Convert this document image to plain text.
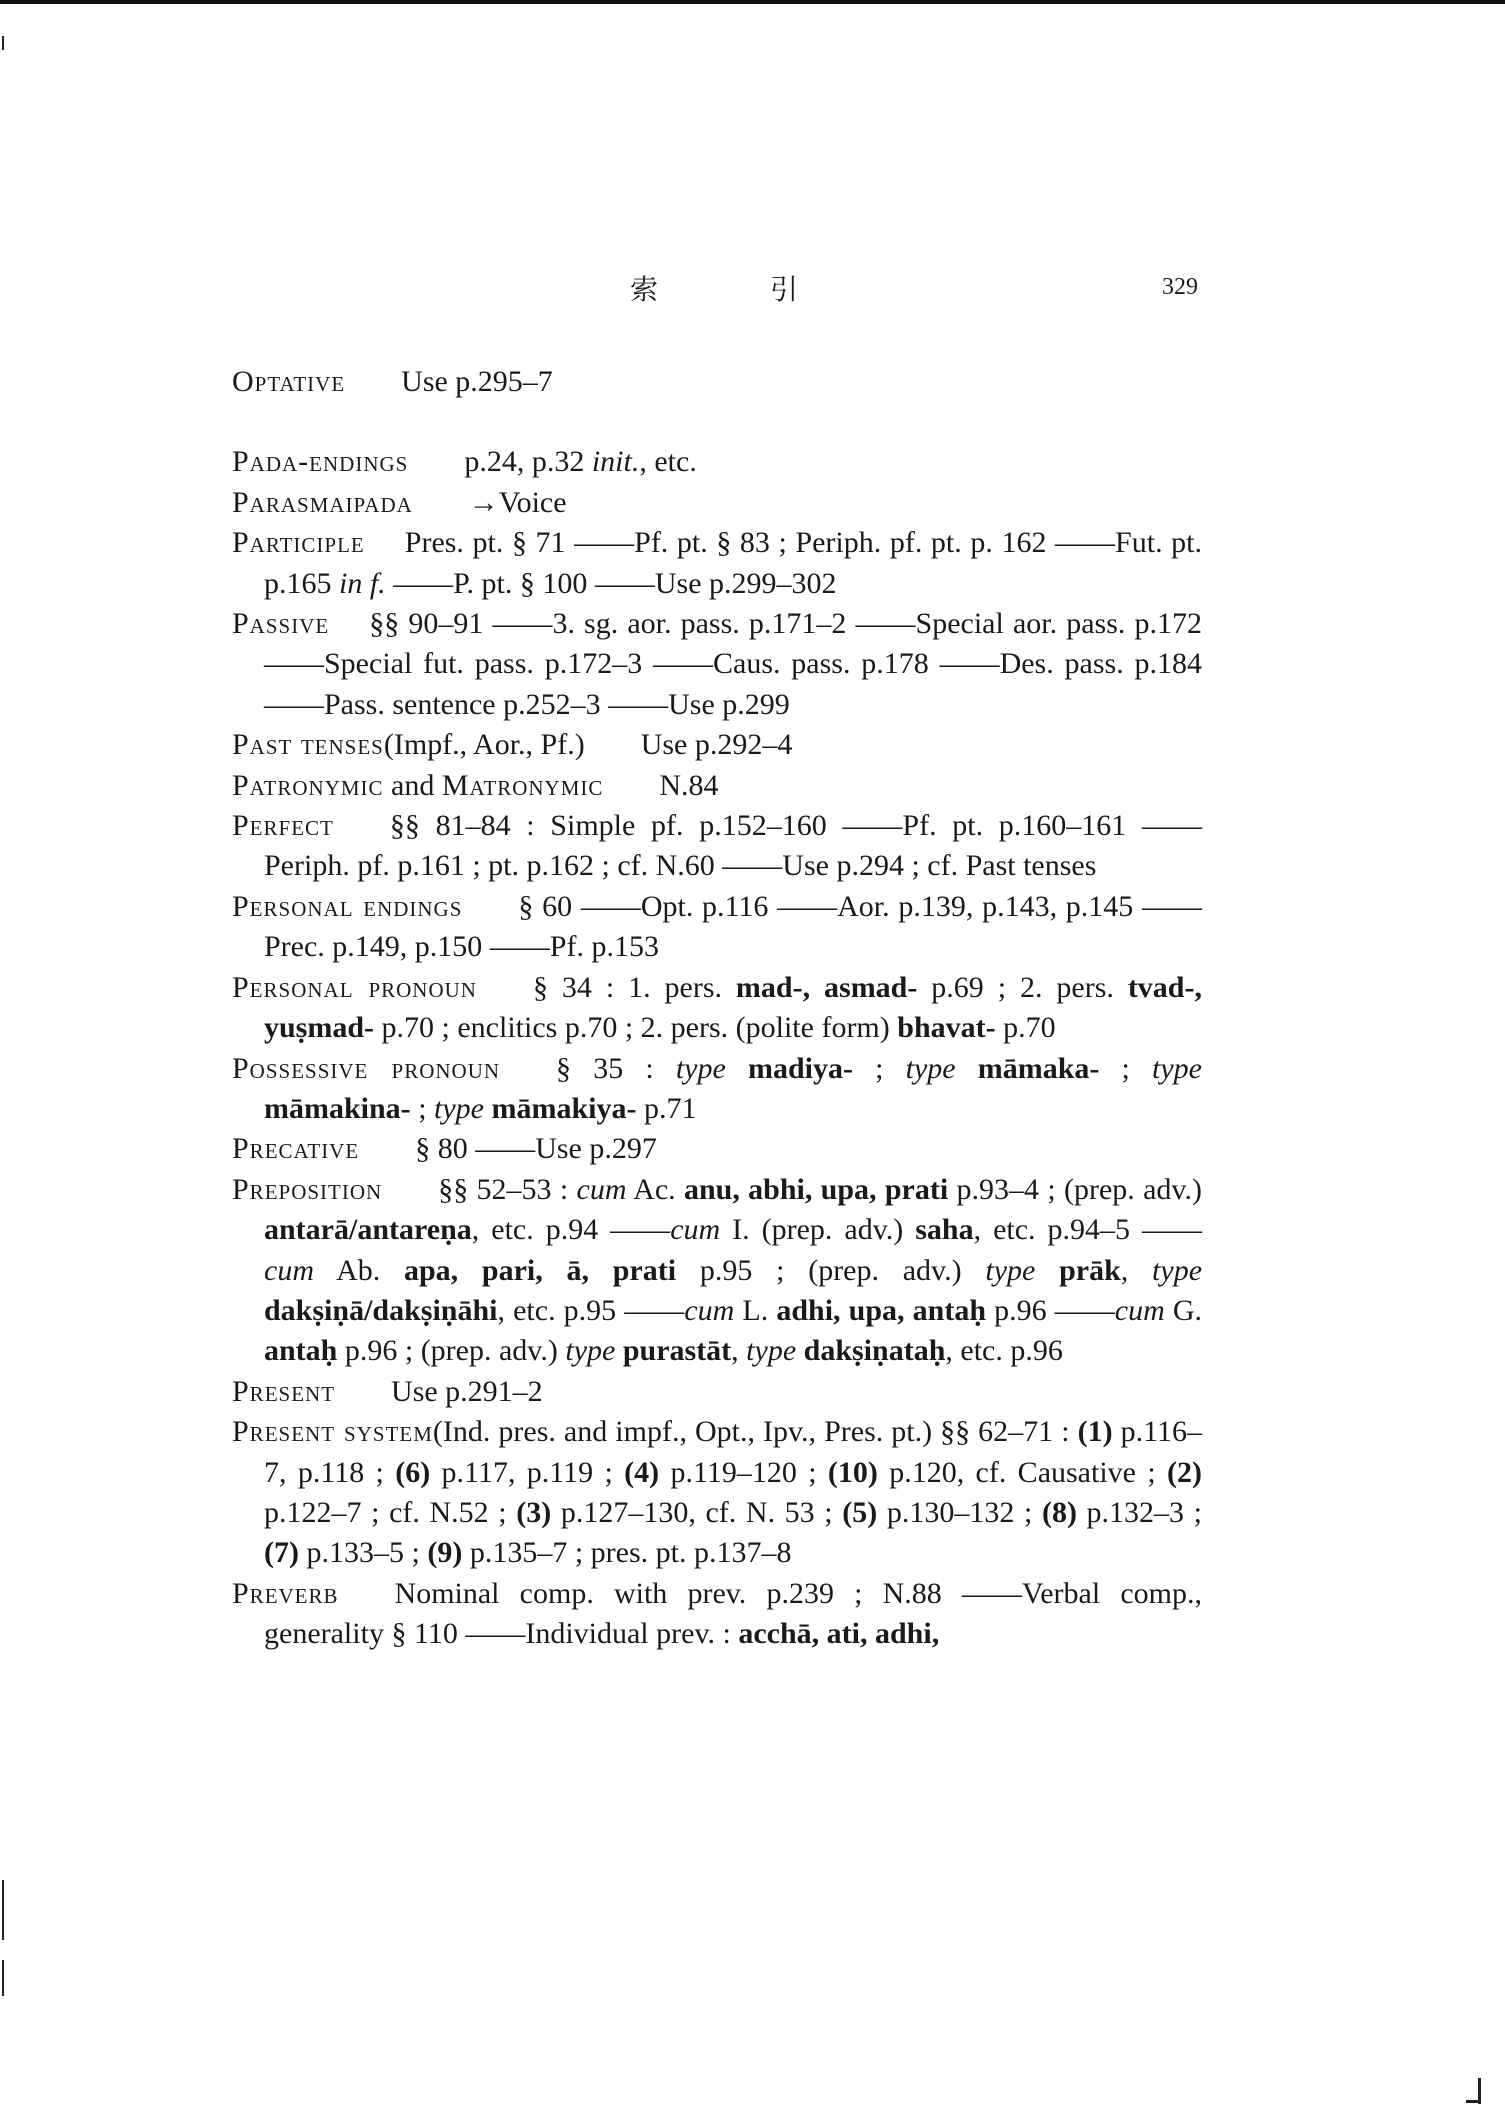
索	引	329

Optative Use p.295–7

Pada-endings p.24, p.32 init., etc.

Parasmaipada →Voice

Participle Pres. pt. § 71 ——Pf. pt. § 83 ; Periph. pf. pt. p. 162 ——Fut. pt. p.165 in f. ——P. pt. § 100 ——Use p.299–302

Passive §§ 90–91 ——3. sg. aor. pass. p.171–2 ——Special aor. pass. p.172 ——Special fut. pass. p.172–3 ——Caus. pass. p.178 ——Des. pass. p.184 ——Pass. sentence p.252–3 ——Use p.299

Past tenses(Impf., Aor., Pf.) Use p.292–4

Patronymic and Matronymic N.84

Perfect §§ 81–84 : Simple pf. p.152–160 ——Pf. pt. p.160–161 ——Periph. pf. p.161 ; pt. p.162 ; cf. N.60 ——Use p.294 ; cf. Past tenses

Personal endings § 60 ——Opt. p.116 ——Aor. p.139, p.143, p.145 ——Prec. p.149, p.150 ——Pf. p.153

Personal pronoun § 34 : 1. pers. mad-, asmad- p.69 ; 2. pers. tvad-, yuṣmad- p.70 ; enclitics p.70 ; 2. pers. (polite form) bhavat- p.70

Possessive pronoun § 35 : type madiya- ; type māmaka- ; type māmakina- ; type māmakiya- p.71

Precative § 80 ——Use p.297

Preposition §§ 52–53 : cum Ac. anu, abhi, upa, prati p.93–4 ; (prep. adv.) antarā/antareṇa, etc. p.94 ——cum I. (prep. adv.) saha, etc. p.94–5 ——cum Ab. apa, pari, ā, prati p.95 ; (prep. adv.) type prāk, type dakṣiṇā/dakṣiṇāhi, etc. p.95 ——cum L. adhi, upa, antaḥ p.96 ——cum G. antaḥ p.96 ; (prep. adv.) type purastāt, type dakṣiṇataḥ, etc. p.96

Present Use p.291–2

Present system(Ind. pres. and impf., Opt., Ipv., Pres. pt.) §§ 62–71 : (1) p.116–7, p.118 ; (6) p.117, p.119 ; (4) p.119–120 ; (10) p.120, cf. Causative ; (2) p.122–7 ; cf. N.52 ; (3) p.127–130, cf. N. 53 ; (5) p.130–132 ; (8) p.132–3 ; (7) p.133–5 ; (9) p.135–7 ; pres. pt. p.137–8

Preverb Nominal comp. with prev. p.239 ; N.88 ——Verbal comp., generality § 110 ——Individual prev. : acchā, ati, adhi,
